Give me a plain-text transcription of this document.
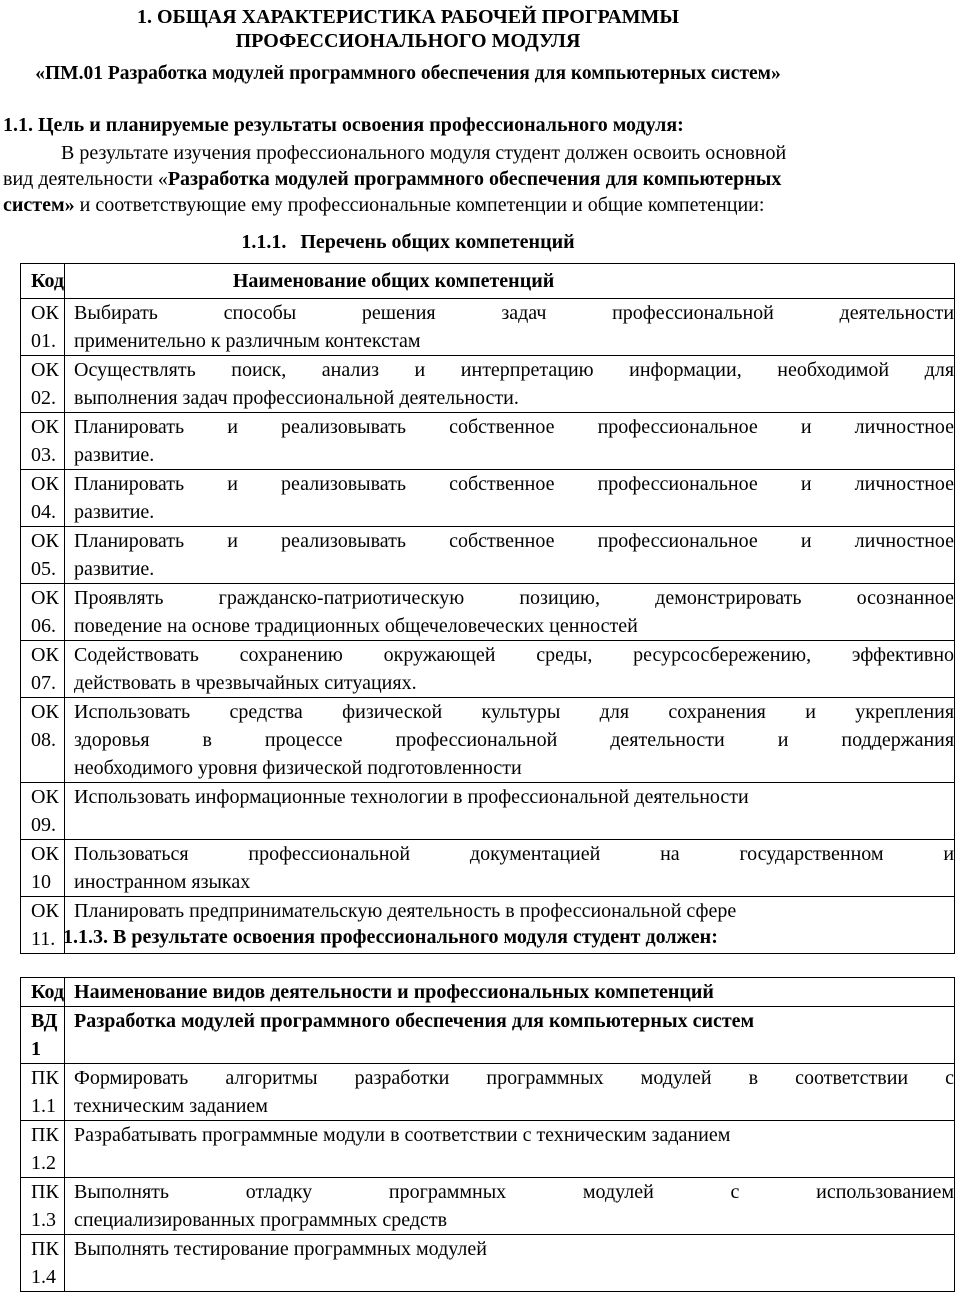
1. ОБЩАЯ ХАРАКТЕРИСТИКА РАБОЧЕЙ ПРОГРАММЫ
ПРОФЕССИОНАЛЬНОГО МОДУЛЯ
«ПМ.01 Разработка модулей программного обеспечения для компьютерных систем»
1.1. Цель и планируемые результаты освоения профессионального модуля:
В результате изучения профессионального модуля студент должен освоить основной
вид деятельности «Разработка модулей программного обеспечения для компьютерных
систем» и соответствующие ему профессиональные компетенции и общие компетенции:
1.1.1. Перечень общих компетенций
Код	Наименование общих компетенций
ОК 01.	Выбирать способы решения задач профессиональной деятельности
применительно к различным контекстам

ОК 02.	Осуществлять поиск, анализ и интерпретацию информации, необходимой для
выполнения задач профессиональной деятельности.

ОК 03.	Планировать и реализовывать собственное профессиональное и личностное
развитие.

ОК 04.	Планировать и реализовывать собственное профессиональное и личностное
развитие.

ОК 05.	Планировать и реализовывать собственное профессиональное и личностное
развитие.

ОК 06.	Проявлять гражданско-патриотическую позицию, демонстрировать осознанное
поведение на основе традиционных общечеловеческих ценностей

ОК 07.	Содействовать сохранению окружающей среды, ресурсосбережению, эффективно
действовать в чрезвычайных ситуациях.

ОК 08.	Использовать средства физической культуры для сохранения и укрепления
здоровья в процессе профессиональной деятельности и поддержания
необходимого уровня физической подготовленности

ОК 09.	Использовать информационные технологии в профессиональной деятельности

ОК 10	Пользоваться профессиональной документацией на государственном и
иностранном языках

ОК 11.	Планировать предпринимательскую деятельность в профессиональной сфере
1.1.3. В результате освоения профессионального модуля студент должен:
Код	Наименование видов деятельности и профессиональных компетенций
ВД 1	Разработка модулей программного обеспечения для компьютерных систем

ПК 1.1	Формировать алгоритмы разработки программных модулей в соответствии с
техническим заданием

ПК 1.2	Разрабатывать программные модули в соответствии с техническим заданием

ПК 1.3	Выполнять отладку программных модулей с использованием
специализированных программных средств

ПК 1.4	Выполнять тестирование программных модулей
